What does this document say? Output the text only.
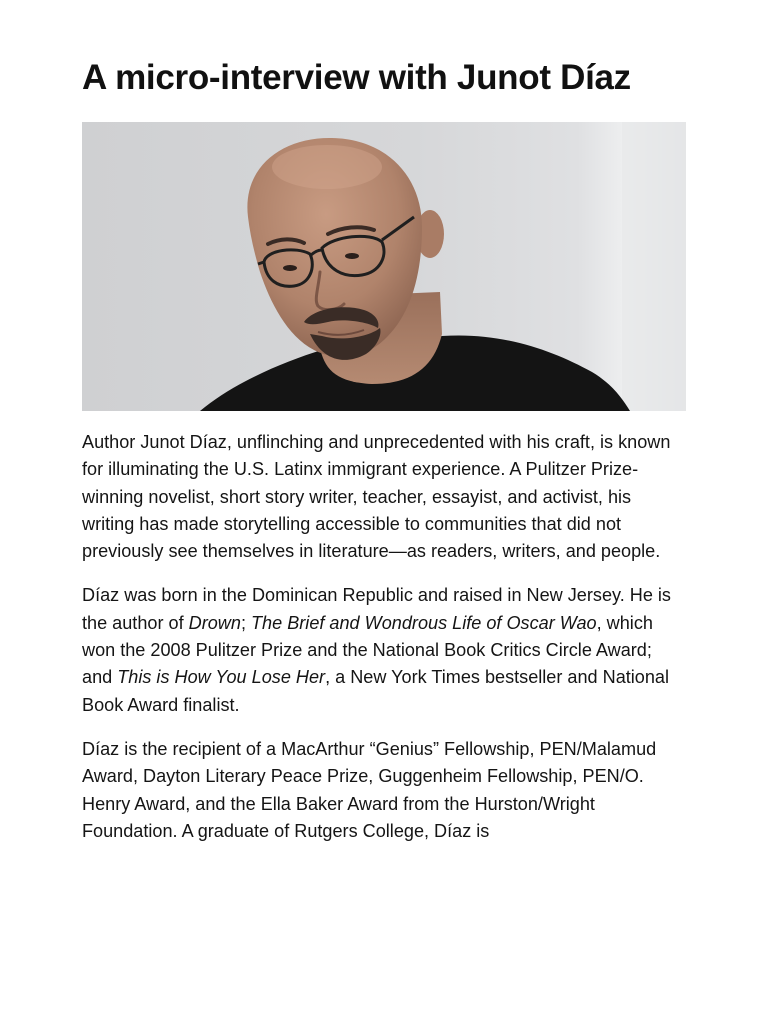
A micro-interview with Junot Díaz

Author Junot Díaz, unflinching and unprecedented with his craft, is known for illuminating the U.S. Latinx immigrant experience. A Pulitzer Prize-winning novelist, short story writer, teacher, essayist, and activist, his writing has made storytelling accessible to communities that did not previously see themselves in literature—as readers, writers, and people.

Díaz was born in the Dominican Republic and raised in New Jersey. He is the author of Drown; The Brief and Wondrous Life of Oscar Wao, which won the 2008 Pulitzer Prize and the National Book Critics Circle Award; and This is How You Lose Her, a New York Times bestseller and National Book Award finalist.

Díaz is the recipient of a MacArthur “Genius” Fellowship, PEN/Malamud Award, Dayton Literary Peace Prize, Guggenheim Fellowship, PEN/O. Henry Award, and the Ella Baker Award from the Hurston/Wright Foundation. A graduate of Rutgers College, Díaz is
